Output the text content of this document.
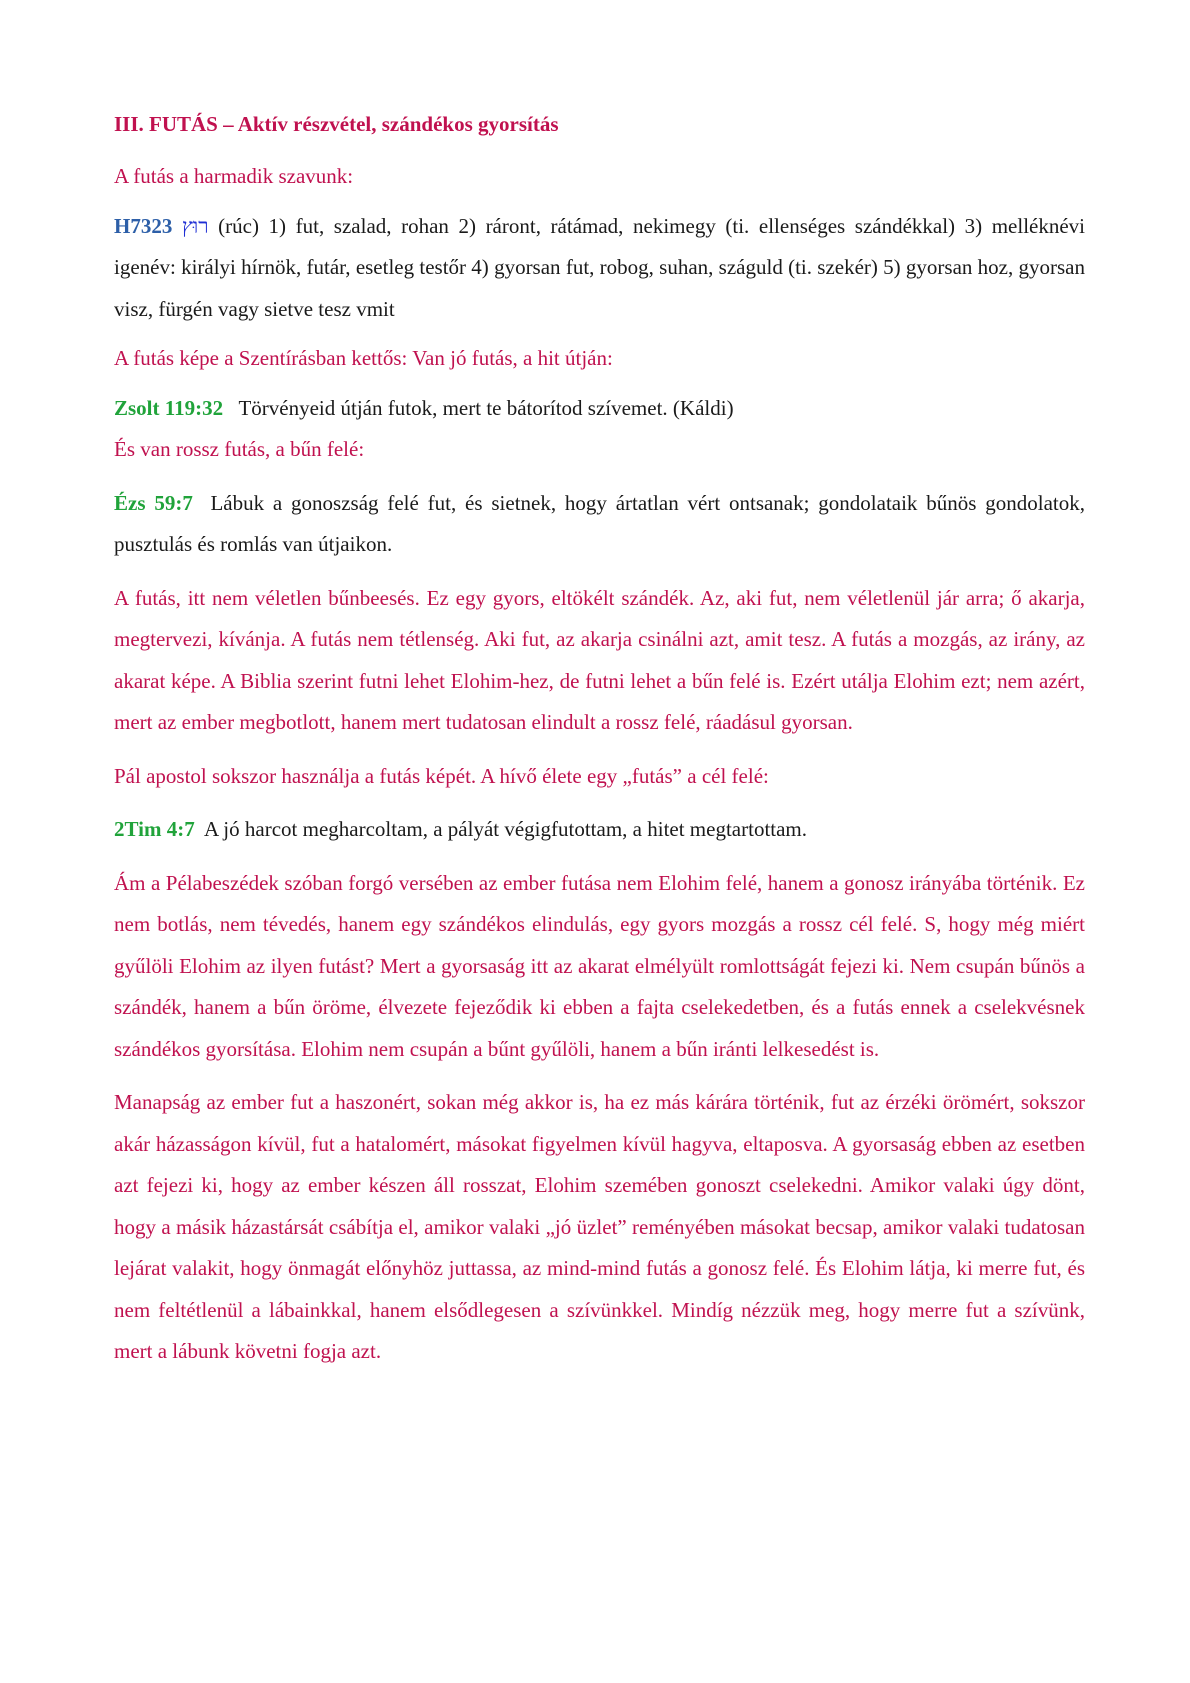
III. FUTÁS – Aktív részvétel, szándékos gyorsítás

A futás a harmadik szavunk:

H7323 רוּץ (rúc) 1) fut, szalad, rohan 2) ráront, rátámad, nekimegy (ti. ellenséges szándékkal) 3) melléknévi igenév: királyi hírnök, futár, esetleg testőr 4) gyorsan fut, robog, suhan, száguld (ti. szekér) 5) gyorsan hoz, gyorsan visz, fürgén vagy sietve tesz vmit

A futás képe a Szentírásban kettős: Van jó futás, a hit útján:

Zsolt 119:32 Törvényeid útján futok, mert te bátorítod szívemet. (Káldi)

És van rossz futás, a bűn felé:

Ézs 59:7 Lábuk a gonoszság felé fut, és sietnek, hogy ártatlan vért ontsanak; gondolataik bűnös gondolatok, pusztulás és romlás van útjaikon.

A futás, itt nem véletlen bűnbeesés. Ez egy gyors, eltökélt szándék. Az, aki fut, nem véletlenül jár arra; ő akarja, megtervezi, kívánja. A futás nem tétlenség. Aki fut, az akarja csinálni azt, amit tesz. A futás a mozgás, az irány, az akarat képe. A Biblia szerint futni lehet Elohim-hez, de futni lehet a bűn felé is. Ezért utálja Elohim ezt; nem azért, mert az ember megbotlott, hanem mert tudatosan elindult a rossz felé, ráadásul gyorsan.

Pál apostol sokszor használja a futás képét. A hívő élete egy „futás” a cél felé:

2Tim 4:7 A jó harcot megharcoltam, a pályát végigfutottam, a hitet megtartottam.

Ám a Pélabeszédek szóban forgó versében az ember futása nem Elohim felé, hanem a gonosz irányába történik. Ez nem botlás, nem tévedés, hanem egy szándékos elindulás, egy gyors mozgás a rossz cél felé. S, hogy még miért gyűlöli Elohim az ilyen futást? Mert a gyorsaság itt az akarat elmélyült romlottságát fejezi ki. Nem csupán bűnös a szándék, hanem a bűn öröme, élvezete fejeződik ki ebben a fajta cselekedetben, és a futás ennek a cselekvésnek szándékos gyorsítása. Elohim nem csupán a bűnt gyűlöli, hanem a bűn iránti lelkesedést is.

Manapság az ember fut a haszonért, sokan még akkor is, ha ez más kárára történik, fut az érzéki örömért, sokszor akár házasságon kívül, fut a hatalomért, másokat figyelmen kívül hagyva, eltaposva. A gyorsaság ebben az esetben azt fejezi ki, hogy az ember készen áll rosszat, Elohim szemében gonoszt cselekedni. Amikor valaki úgy dönt, hogy a másik házastársát csábítja el, amikor valaki „jó üzlet” reményében másokat becsap, amikor valaki tudatosan lejárat valakit, hogy önmagát előnyhöz juttassa, az mind-mind futás a gonosz felé. És Elohim látja, ki merre fut, és nem feltétlenül a lábainkkal, hanem elsődlegesen a szívünkkel. Mindíg nézzük meg, hogy merre fut a szívünk, mert a lábunk követni fogja azt.
